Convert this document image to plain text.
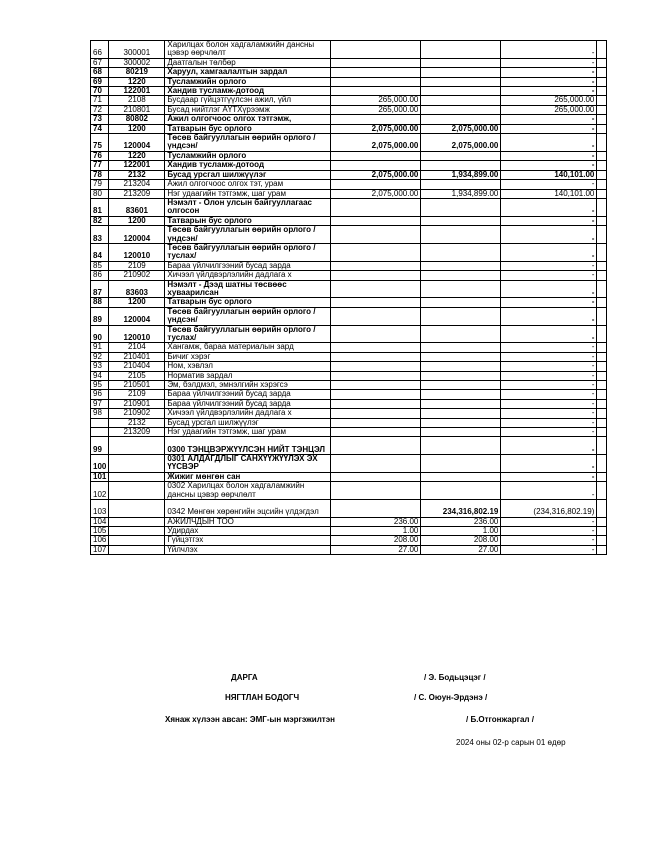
66	300001	Харилцах болон хадгаламжийн дансны цэвэр өөрчлөлт			-	
67	300002	Даатгалын төлбөр			-	
68	80219	Харуул, хамгаалалтын зардал			-	
69	1220	Тусламжийн орлого			-	
70	122001	Хандив тусламж-дотоод			-	
71	2108	Бусдаар гүйцэтгүүлсэн ажил, үйл	265,000.00		265,000.00	
72	210801	Бусад нийтлэг АҮТХүрээмж	265,000.00		265,000.00	
73	80802	Ажил олгогчоос олгох тэтгэмж,			-	
74	1200	Татварын бус орлого	2,075,000.00	2,075,000.00	-	
75	120004	Төсөв байгууллагын өөрийн орлого /үндсэн/	2,075,000.00	2,075,000.00	-	
76	1220	Тусламжийн орлого			-	
77	122001	Хандив тусламж-дотоод			-	
78	2132	Бусад урсгал шилжүүлэг	2,075,000.00	1,934,899.00	140,101.00	
79	213204	Ажил олгогчоос олгох тэт, урам			-	
80	213209	Нэг удаагийн тэтгэмж, шаг урам	2,075,000.00	1,934,899.00	140,101.00	
81	83601	Нэмэлт - Олон улсын байгууллагаас олгосон			-	
82	1200	Татварын бус орлого			-	
83	120004	Төсөв байгууллагын өөрийн орлого /үндсэн/			-	
84	120010	Төсөв байгууллагын өөрийн орлого /туслах/			-	
85	2109	Бараа үйлчилгээний бусад зарда			-	
86	210902	Хичээл үйлдвэрлэлийн дадлага х			-	
87	83603	Нэмэлт - Дээд шатны төсвөөс хуваарилсан			-	
88	1200	Татварын бус орлого			-	
89	120004	Төсөв байгууллагын өөрийн орлого /үндсэн/			-	
90	120010	Төсөв байгууллагын өөрийн орлого /туслах/			-	
91	2104	Хангамж, бараа материалын зард			-	
92	210401	Бичиг хэрэг			-	
93	210404	Ном, хэвлэл			-	
94	2105	Норматив зардал			-	
95	210501	Эм, бэлдмэл, эмнэлгийн хэрэгсэ			-	
96	2109	Бараа үйлчилгээний бусад зарда			-	
97	210901	Бараа үйлчилгээний бусад зарда			-	
98	210902	Хичээл үйлдвэрлэлийн дадлага х			-	
	2132	Бусад урсгал шилжүүлэг			-	
	213209	Нэг удаагийн тэтгэмж, шаг урам			-	
99		0300 ТЭНЦВЭРЖҮҮЛСЭН НИЙТ ТЭНЦЭЛ			-	
100		0301 АЛДАГДЛЫГ САНХҮҮЖҮҮЛЭХ ЭХ ҮҮСВЭР			-	
101		Жижиг мөнгөн сан			-	
102		0302 Харилцах болон хадгаламжийн дансны цэвэр өөрчлөлт			-	
103		0342 Мөнгөн хөрөнгийн эцсийн үлдэгдэл		234,316,802.19	(234,316,802.19)	
104		АЖИЛЧДЫН ТОО	236.00	236.00	-	
105		Удирдах	1.00	1.00	-	
106		Гүйцэтгэх	208.00	208.00	-	
107		Үйлчлэх	27.00	27.00	-	
ДАРГА	/ Э. Бодьцэцэг /
НЯГТЛАН БОДОГЧ	/ С. Оюун-Эрдэнэ /
Хянаж хүлээн авсан: ЭМГ-ын мэргэжилтэн	/ Б.Отгонжаргал /
2024 оны 02-р сарын 01 өдөр
